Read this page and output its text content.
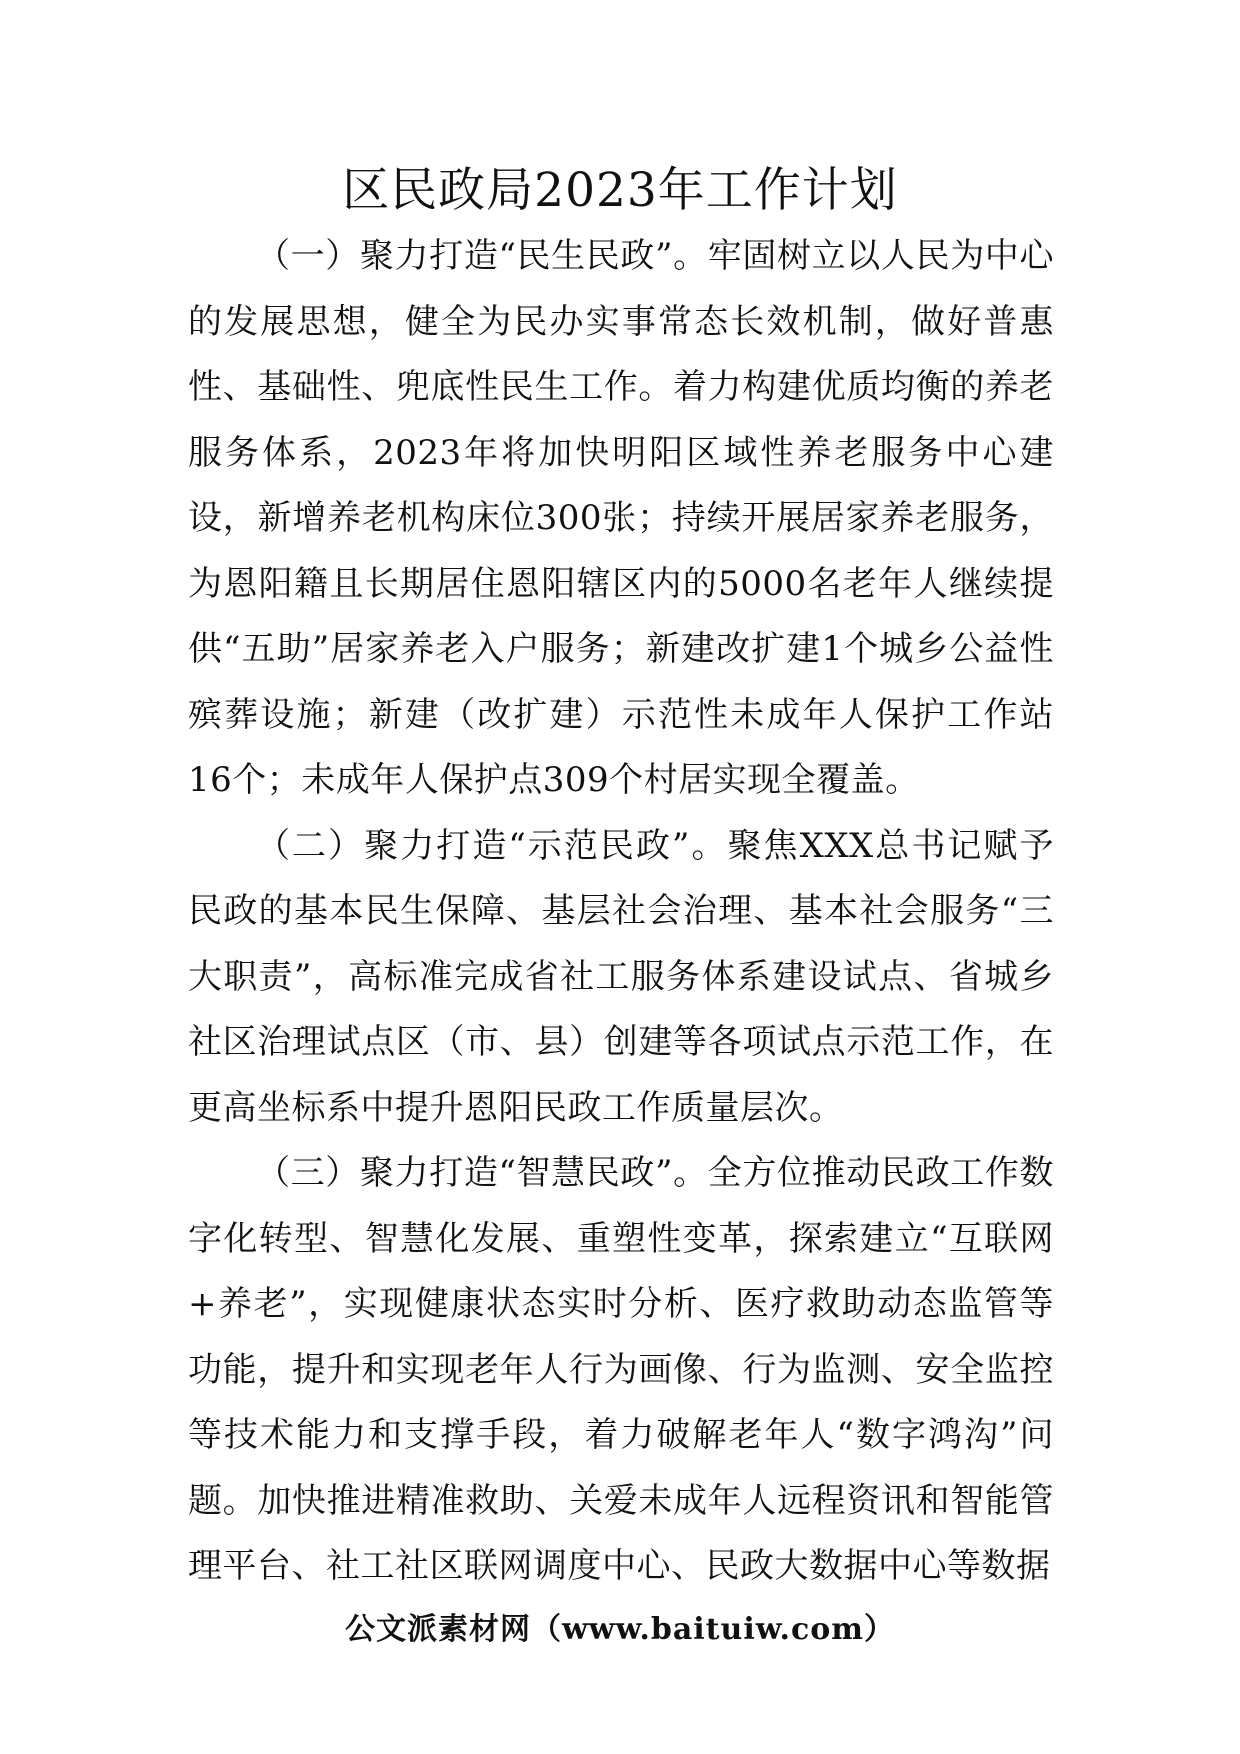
区民政局2023年工作计划

（一）聚力打造“民生民政”。牢固树立以人民为中心的发展思想，健全为民办实事常态长效机制，做好普惠性、基础性、兜底性民生工作。着力构建优质均衡的养老服务体系，2023年将加快明阳区域性养老服务中心建设，新增养老机构床位300张；持续开展居家养老服务，为恩阳籍且长期居住恩阳辖区内的5000名老年人继续提供“五助”居家养老入户服务；新建改扩建1个城乡公益性殡葬设施；新建（改扩建）示范性未成年人保护工作站16个；未成年人保护点309个村居实现全覆盖。

（二）聚力打造“示范民政”。聚焦XXX总书记赋予民政的基本民生保障、基层社会治理、基本社会服务“三大职责”，高标准完成省社工服务体系建设试点、省城乡社区治理试点区（市、县）创建等各项试点示范工作，在更高坐标系中提升恩阳民政工作质量层次。

（三）聚力打造“智慧民政”。全方位推动民政工作数字化转型、智慧化发展、重塑性变革，探索建立“互联网+养老”，实现健康状态实时分析、医疗救助动态监管等功能，提升和实现老年人行为画像、行为监测、安全监控等技术能力和支撑手段，着力破解老年人“数字鸿沟”问题。加快推进精准救助、关爱未成年人远程资讯和智能管理平台、社工社区联网调度中心、民政大数据中心等数据

公文派素材网（www.baituiw.com）
